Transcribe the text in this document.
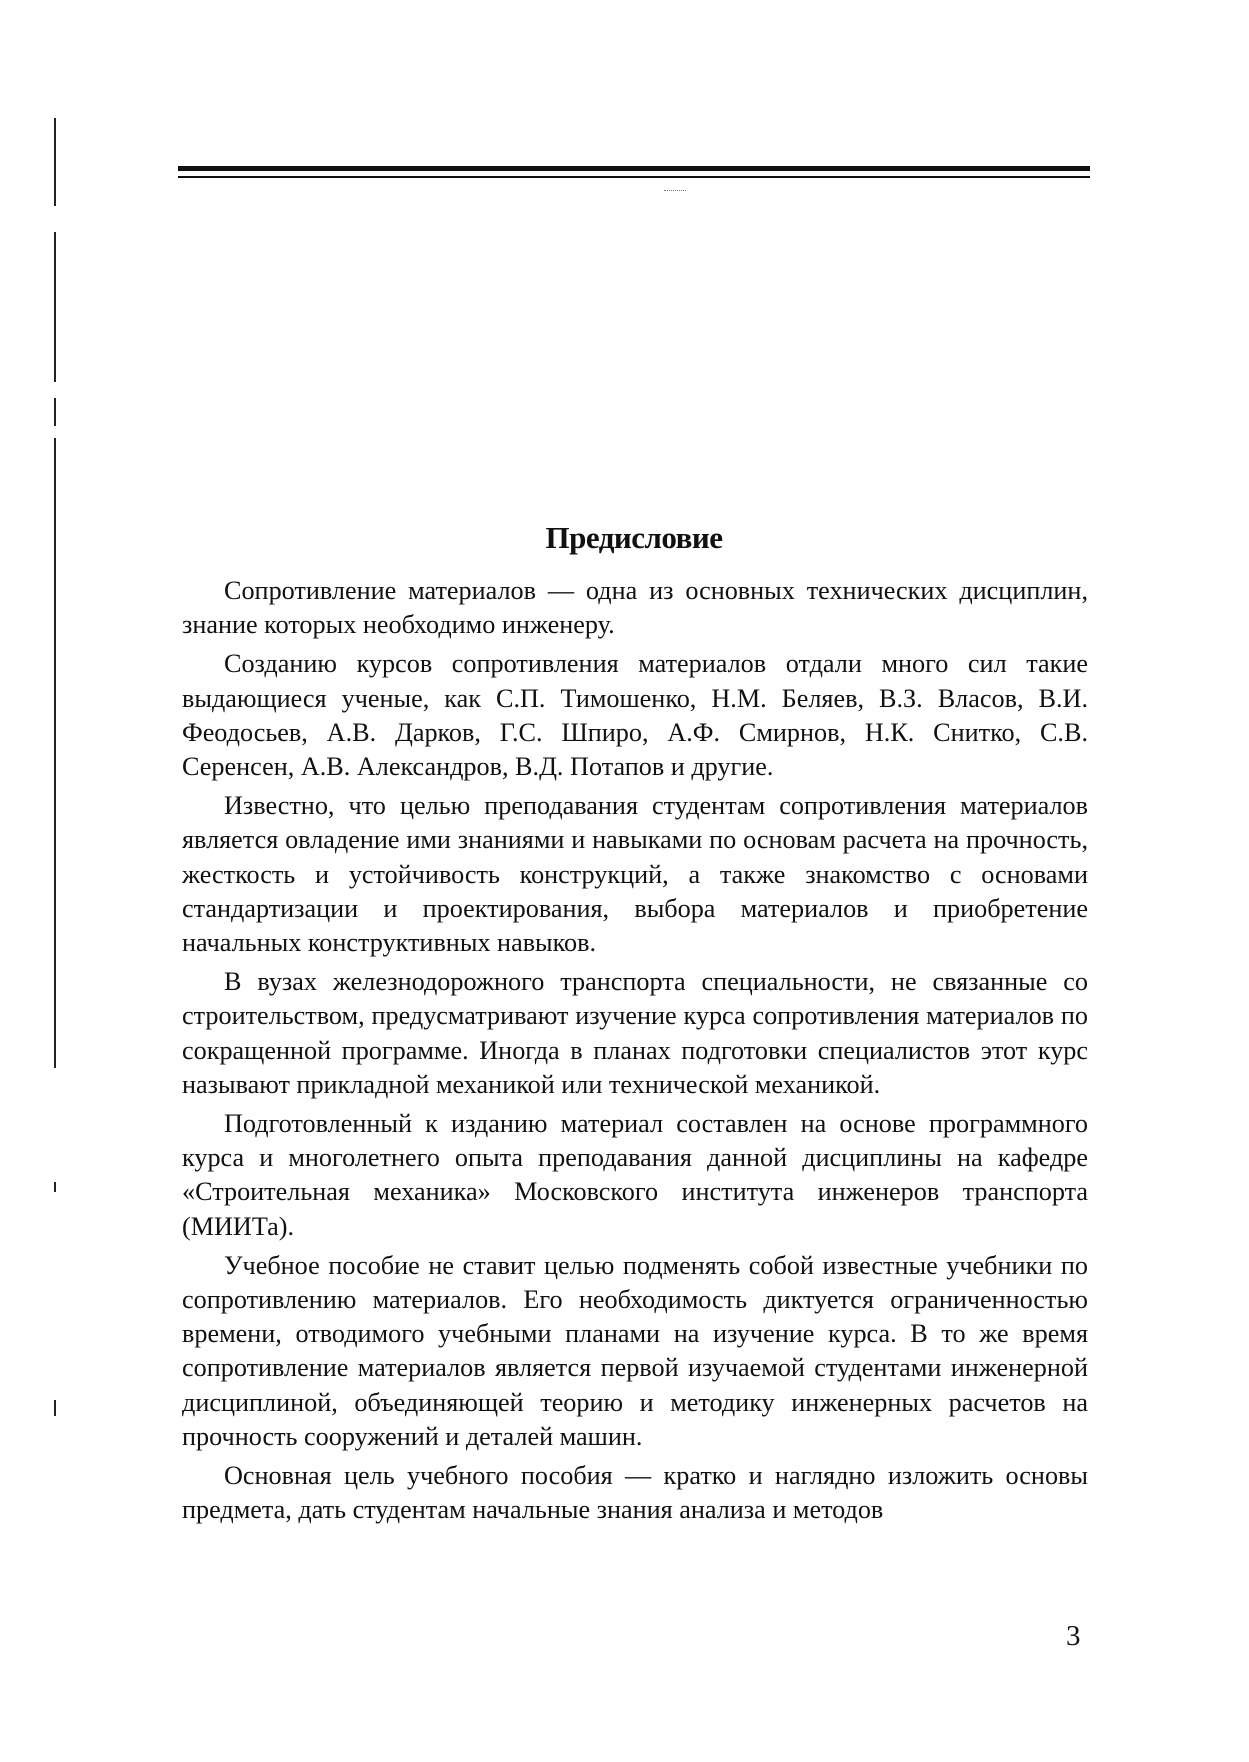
Предисловие

Сопротивление материалов — одна из основных технических дисциплин, знание которых необходимо инженеру.

Созданию курсов сопротивления материалов отдали много сил такие выдающиеся ученые, как С.П. Тимошенко, Н.М. Беляев, В.З. Власов, В.И. Феодосьев, А.В. Дарков, Г.С. Шпиро, А.Ф. Смирнов, Н.К. Снитко, С.В. Серенсен, А.В. Александров, В.Д. Потапов и другие.

Известно, что целью преподавания студентам сопротивления материалов является овладение ими знаниями и навыками по основам расчета на прочность, жесткость и устойчивость конструкций, а также знакомство с основами стандартизации и проектирования, выбора материалов и приобретение начальных конструктивных навыков.

В вузах железнодорожного транспорта специальности, не связанные со строительством, предусматривают изучение курса сопротивления материалов по сокращенной программе. Иногда в планах подготовки специалистов этот курс называют прикладной механикой или технической механикой.

Подготовленный к изданию материал составлен на основе программного курса и многолетнего опыта преподавания данной дисциплины на кафедре «Строительная механика» Московского института инженеров транспорта (МИИТа).

Учебное пособие не ставит целью подменять собой известные учебники по сопротивлению материалов. Его необходимость диктуется ограниченностью времени, отводимого учебными планами на изучение курса. В то же время сопротивление материалов является первой изучаемой студентами инженерной дисциплиной, объединяющей теорию и методику инженерных расчетов на прочность сооружений и деталей машин.

Основная цель учебного пособия — кратко и наглядно изложить основы предмета, дать студентам начальные знания анализа и методов

3
